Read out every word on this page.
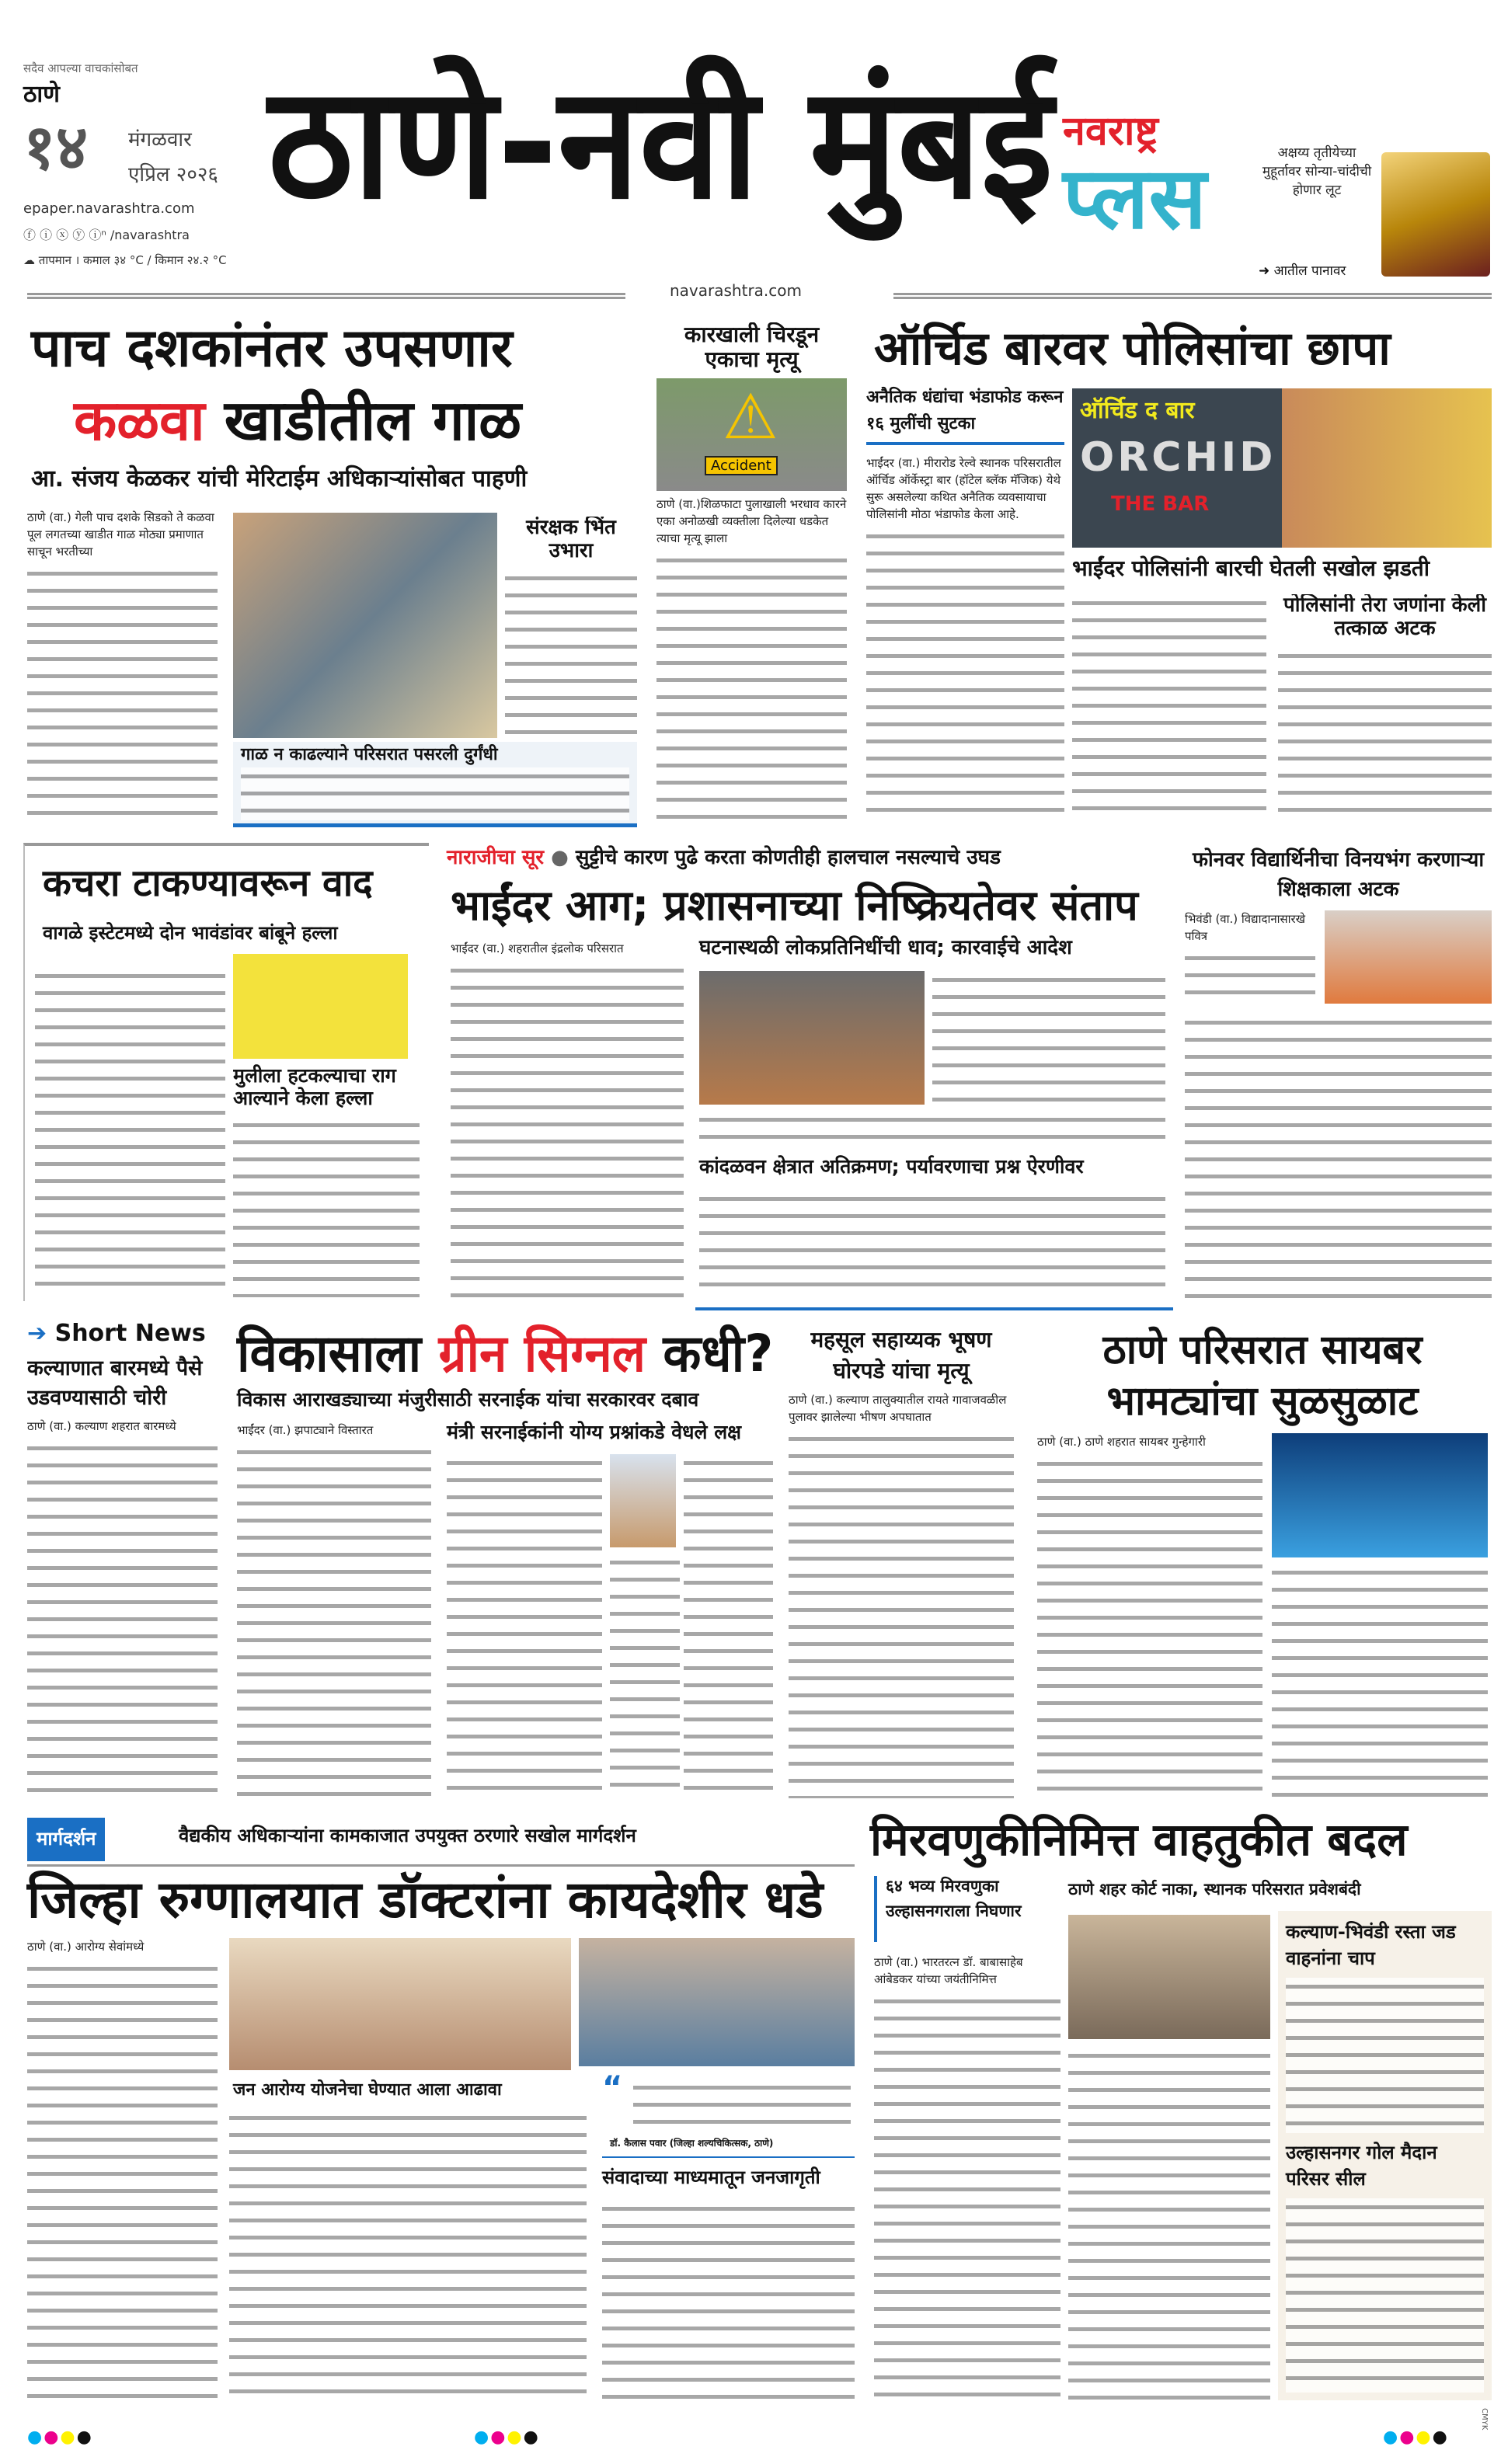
सदैव आपल्या वाचकांसोबत
ठाणे
१४ मंगळवार
एप्रिल २०२६
epaper.navarashtra.com
ⓕ ⓘ ⓧ ⓨ ⓘⁿ /navarashtra
☁ तापमान । कमाल ३४ °C / किमान २४.२ °C
ठाणे-नवी मुंबई नवराष्ट्र
प्लस	अक्षय्य तृतीयेच्या मुहूर्तावर सोन्या-चांदीची होणार लूट
➜ आतील पानावर
navarashtra.com
पाच दशकांनंतर उपसणार
कळवा खाडीतील गाळ
आ. संजय केळकर यांची मेरिटाईम अधिकाऱ्यांसोबत पाहणी
ठाणे (वा.) गेली पाच दशके सिडको ते कळवा पूल लगतच्या खाडीत गाळ मोठ्या प्रमाणात साचून भरतीच्या
संरक्षक भिंत उभारा
गाळ न काढल्याने परिसरात पसरली दुर्गंधी
कारखाली चिरडून एकाचा मृत्यू
⚠
Accident
ठाणे (वा.)शिळफाटा पुलाखाली भरधाव कारने एका अनोळखी व्यक्तीला दिलेल्या धडकेत त्याचा मृत्यू झाला
ऑर्चिड बारवर पोलिसांचा छापा
अनैतिक धंद्यांचा भंडाफोड करून १६ मुलींची सुटका
भाईंदर (वा.) मीरारोड रेल्वे स्थानक परिसरातील ऑर्चिड ऑर्केस्ट्रा बार (हॉटेल ब्लॅक मॅजिक) येथे सुरू असलेल्या कथित अनैतिक व्यवसायाचा पोलिसांनी मोठा भंडाफोड केला आहे.
ऑर्चिड द बार
ORCHID
THE BAR
भाईंदर पोलिसांनी बारची घेतली सखोल झडती
पोलिसांनी तेरा जणांना केली तत्काळ अटक
कचरा टाकण्यावरून वाद
वागळे इस्टेटमध्ये दोन भावंडांवर बांबूने हल्ला
मुलीला हटकल्याचा राग आल्याने केला हल्ला
नाराजीचा सूर ● सुट्टीचे कारण पुढे करता कोणतीही हालचाल नसल्याचे उघड
भाईंदर आग; प्रशासनाच्या निष्क्रियतेवर संताप
भाईंदर (वा.) शहरातील इंद्रलोक परिसरात	घटनास्थळी लोकप्रतिनिधींची धाव; कारवाईचे आदेश
कांदळवन क्षेत्रात अतिक्रमण; पर्यावरणाचा प्रश्न ऐरणीवर
फोनवर विद्यार्थिनीचा विनयभंग करणाऱ्या शिक्षकाला अटक
भिवंडी (वा.) विद्यादानासारखे पवित्र
➔ Short News
कल्याणात बारमध्ये पैसे उडवण्यासाठी चोरी
ठाणे (वा.) कल्याण शहरात बारमध्ये
विकासाला ग्रीन सिग्नल कधी?
विकास आराखड्याच्या मंजुरीसाठी सरनाईक यांचा सरकारवर दबाव
भाईंदर (वा.) झपाट्याने विस्तारत	मंत्री सरनाईकांनी योग्य प्रश्नांकडे वेधले लक्ष
महसूल सहाय्यक भूषण घोरपडे यांचा मृत्यू
ठाणे (वा.) कल्याण तालुक्यातील रायते गावाजवळील पुलावर झालेल्या भीषण अपघातात
ठाणे परिसरात सायबर भामट्यांचा सुळसुळाट
ठाणे (वा.) ठाणे शहरात सायबर गुन्हेगारी
मार्गदर्शन	वैद्यकीय अधिकाऱ्यांना कामकाजात उपयुक्त ठरणारे सखोल मार्गदर्शन
जिल्हा रुग्णालयात डॉक्टरांना कायदेशीर धडे
ठाणे (वा.) आरोग्य सेवांमध्ये
जन आरोग्य योजनेचा घेण्यात आला आढावा	“
डॉ. कैलास पवार (जिल्हा शल्यचिकित्सक, ठाणे)
संवादाच्या माध्यमातून जनजागृती
मिरवणुकीनिमित्त वाहतुकीत बदल
६४ भव्य मिरवणुका उल्हासनगराला निघणार
ठाणे शहर कोर्ट नाका, स्थानक परिसरात प्रवेशबंदी
ठाणे (वा.) भारतरत्न डॉ. बाबासाहेब आंबेडकर यांच्या जयंतीनिमित्त
कल्याण-भिवंडी रस्ता जड वाहनांना चाप
उल्हासनगर गोल मैदान परिसर सील
●●●●	●●●●	●●●●
CMYK
